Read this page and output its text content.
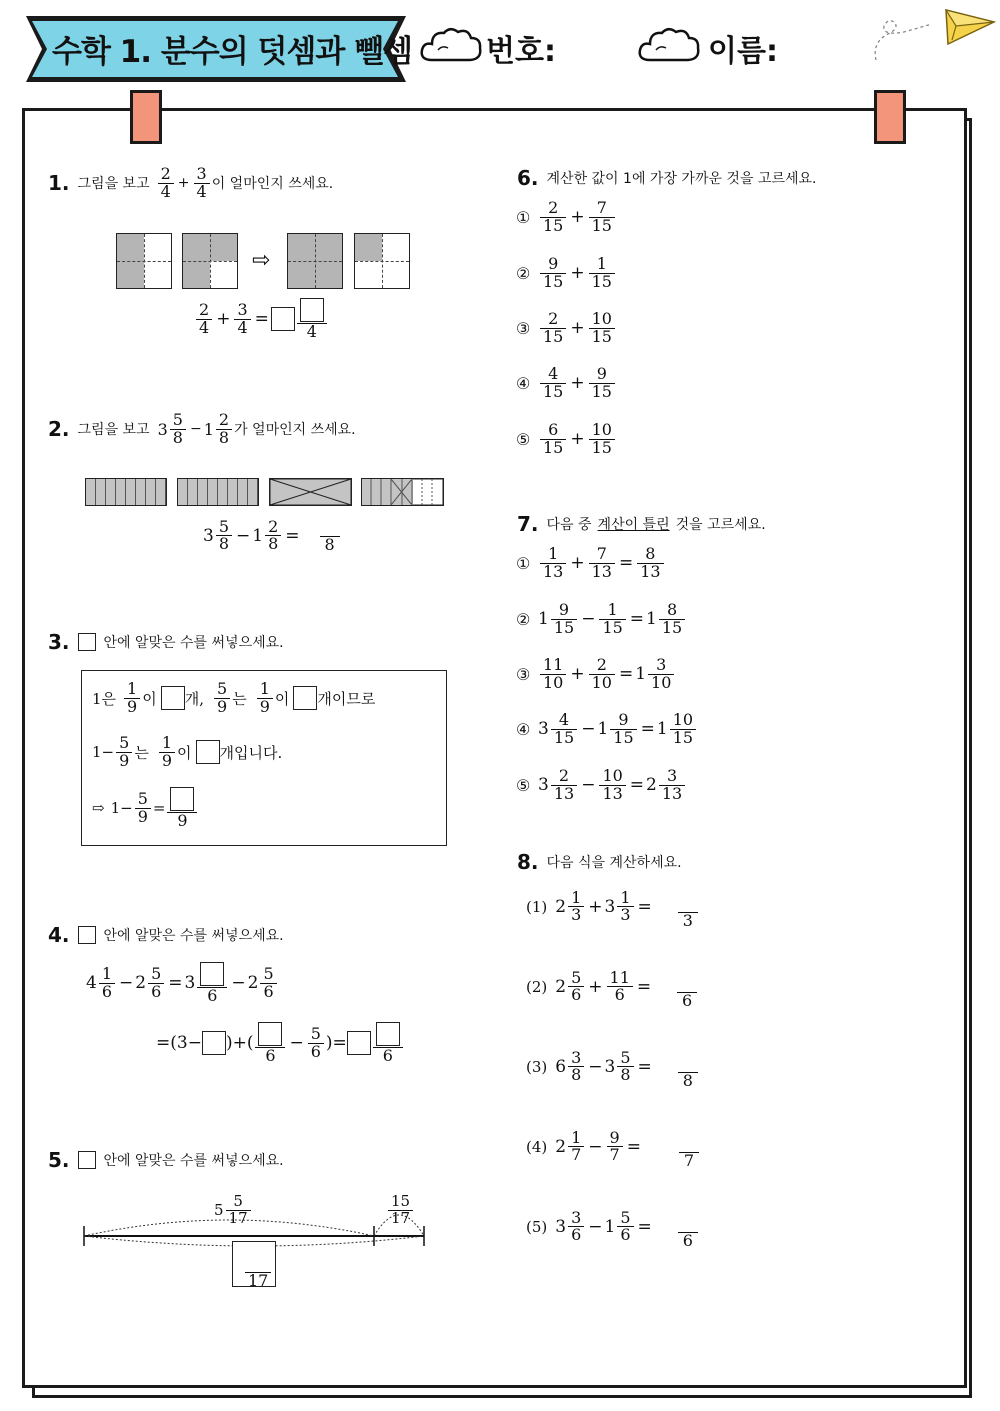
수학 1. 분수의 덧셈과 뺄셈 번호:	이름:
1. 그림을 보고 $\frac{2}{4} + \frac{3}{4}$ 이 얼마인지 쓰세요.
⇨
$\frac{2}{4} + \frac{3}{4}$ =
4
2. 그림을 보고 $3 \frac{5}{8} - 1 \frac{2}{8}$ 가 얼마인지 쓰세요.
$3 \frac{5}{8} - 1 \frac{2}{8}$ =	8
3. 안에 알맞은 수를 써넣으세요.
1은 $\frac{1}{9}$ 이 개, $\frac{5}{9}$ 는 $\frac{1}{9}$ 이 개이므로
$1- \frac{5}{9}$ 는 $\frac{1}{9}$ 이 개입니다.
⇨ $1- \frac{5}{9}$ =
9
4. 안에 알맞은 수를 써넣으세요.
$4 \frac{1}{6} - 2 \frac{5}{6} = 3$
6
− $2 \frac{5}{6}$
=(3− )+(
6
− $\frac{5}{6}$ )=
6
5. 안에 알맞은 수를 써넣으세요.
$5 \frac{5}{17}$	$\frac{15}{17}$
17
6. 계산한 값이 1에 가장 가까운 것을 고르세요.
① $\frac{2}{15} + \frac{7}{15}$
② $\frac{9}{15} + \frac{1}{15}$
③ $\frac{2}{15} + \frac{10}{15}$
④ $\frac{4}{15} + \frac{9}{15}$
⑤ $\frac{6}{15} + \frac{10}{15}$
7. 다음 중 계산이 틀린 것을 고르세요.
① $\frac{1}{13} + \frac{7}{13} = \frac{8}{13}$
② $1 \frac{9}{15} - \frac{1}{15} = 1 \frac{8}{15}$
③ $\frac{11}{10} + \frac{2}{10} = 1 \frac{3}{10}$
④ $3 \frac{4}{15} - 1 \frac{9}{15} = 1 \frac{10}{15}$
⑤ $3 \frac{2}{13} - \frac{10}{13} = 2 \frac{3}{13}$
8. 다음 식을 계산하세요.
(1) $2 \frac{1}{3} + 3 \frac{1}{3}$ =
3
(2) $2 \frac{5}{6} + \frac{11}{6}$ =
6
(3) $6 \frac{3}{8} - 3 \frac{5}{8}$ =
8
(4) $2 \frac{1}{7} - \frac{9}{7}$ =
7
(5) $3 \frac{3}{6} - 1 \frac{5}{6}$ =
6
